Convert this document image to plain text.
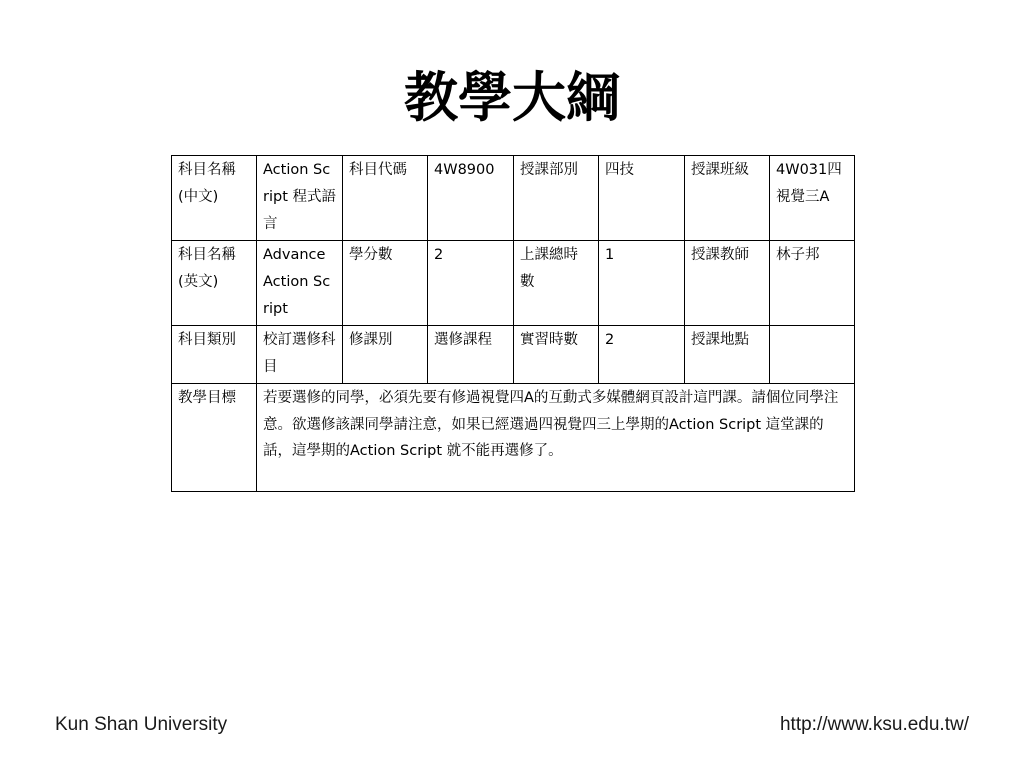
教學大綱
科目名稱(中文)	Action Script 程式語言	科目代碼	4W8900	授課部別	四技	授課班級	4W031四視覺三A
科目名稱(英文)	Advance Action Script	學分數	2	上課總時數	1	授課教師	林子邦
科目類別	校訂選修科目	修課別	選修課程	實習時數	2	授課地點	
教學目標	若要選修的同學，必須先要有修過視覺四A的互動式多媒體網頁設計這門課。請個位同學注意。欲選修該課同學請注意，如果已經選過四視覺四三上學期的Action Script 這堂課的話，這學期的Action Script 就不能再選修了。						
Kun Shan University	http://www.ksu.edu.tw/
